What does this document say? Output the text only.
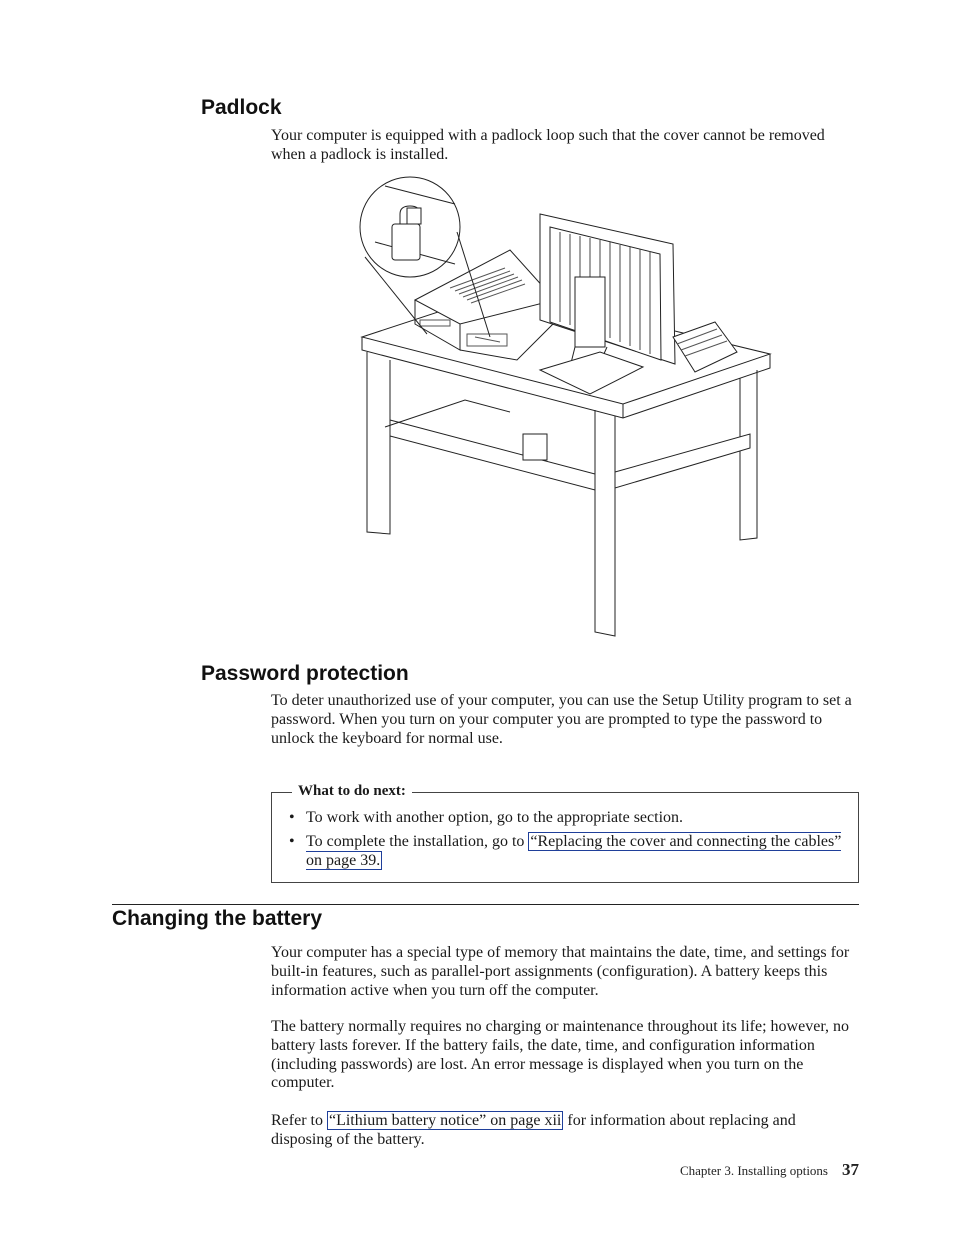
Padlock

Your computer is equipped with a padlock loop such that the cover cannot be removed when a padlock is installed.

Password protection

To deter unauthorized use of your computer, you can use the Setup Utility program to set a password. When you turn on your computer you are prompted to type the password to unlock the keyboard for normal use.

What to do next:
• To work with another option, go to the appropriate section.
• To complete the installation, go to “Replacing the cover and connecting the cables” on page 39.
Changing the battery

Your computer has a special type of memory that maintains the date, time, and settings for built-in features, such as parallel-port assignments (configuration). A battery keeps this information active when you turn off the computer.

The battery normally requires no charging or maintenance throughout its life; however, no battery lasts forever. If the battery fails, the date, time, and configuration information (including passwords) are lost. An error message is displayed when you turn on the computer.

Refer to “Lithium battery notice” on page xii for information about replacing and disposing of the battery.

Chapter 3. Installing options 37
